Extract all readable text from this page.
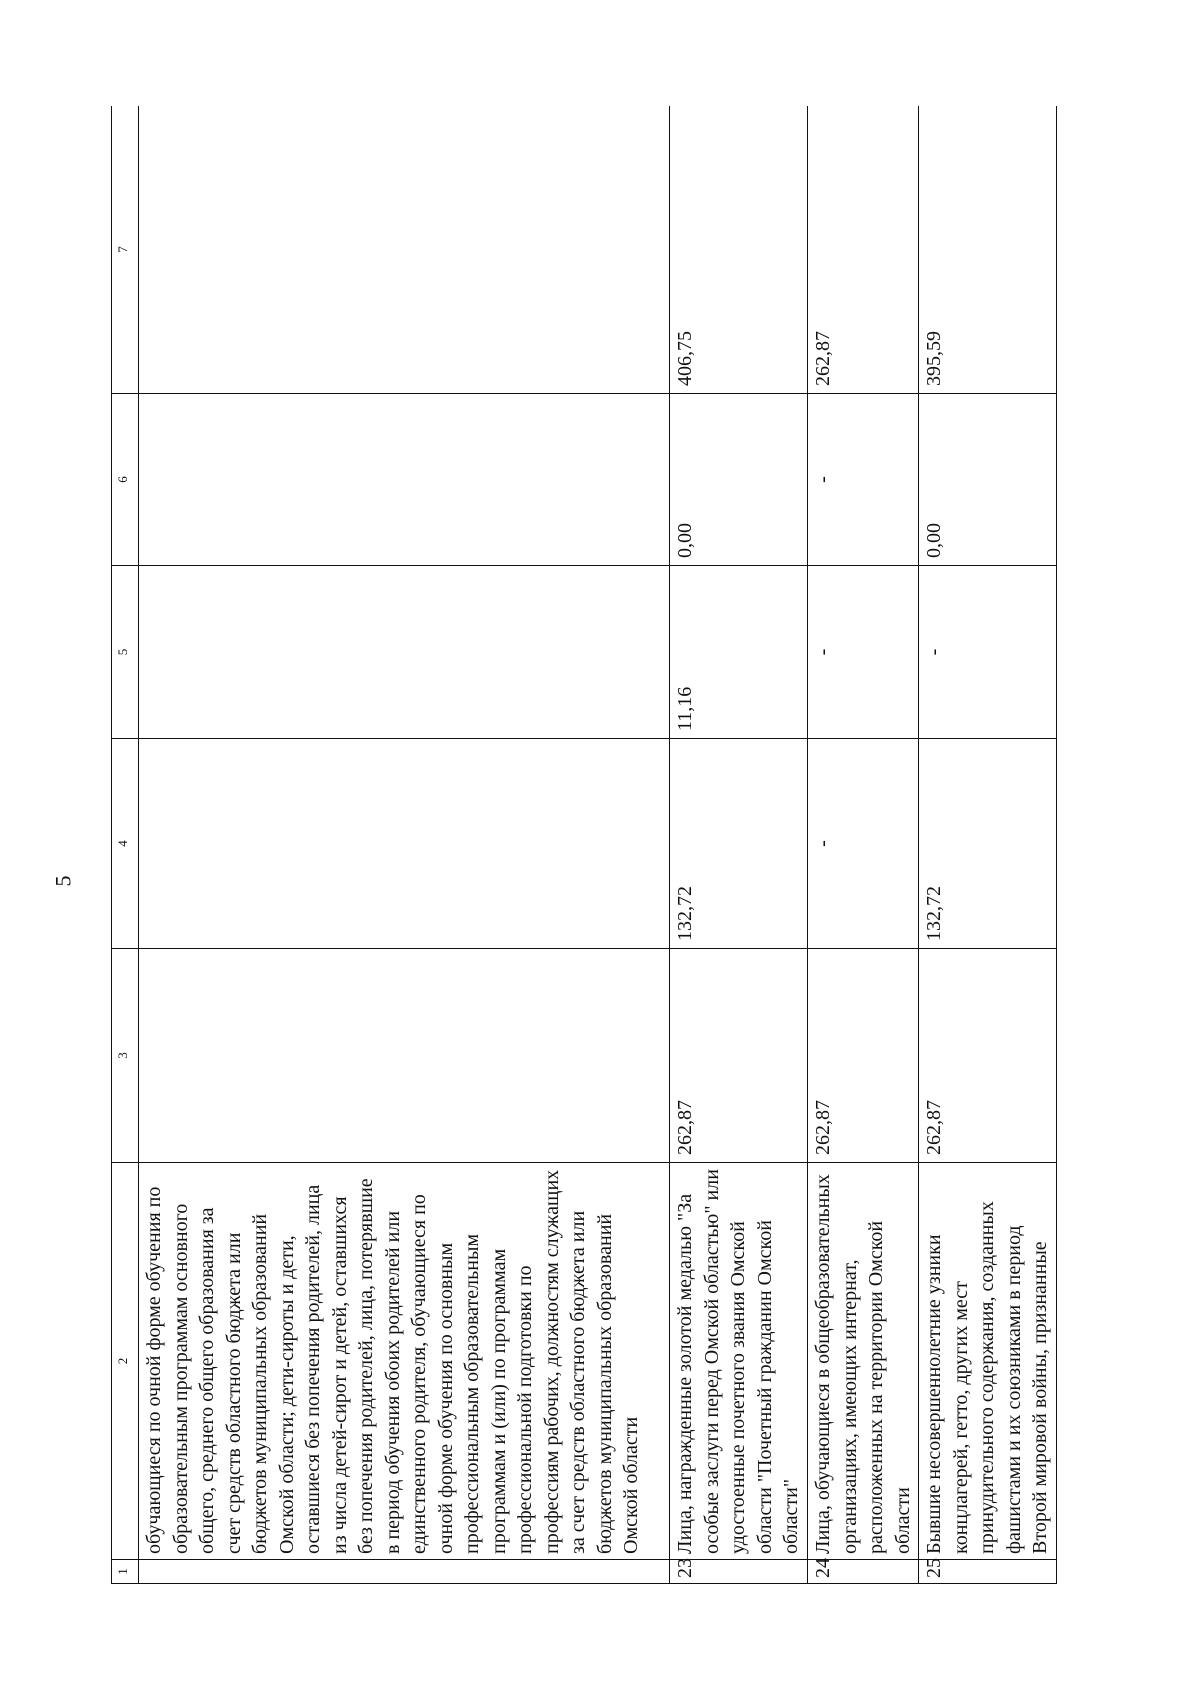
5
1	2	3	4	5	6	7

	обучающиеся по очной форме обучения по образовательным программам основного общего, среднего общего образования за счет средств областного бюджета или бюджетов муниципальных образований Омской области; дети-сироты и дети, оставшиеся без попечения родителей, лица из числа детей-сирот и детей, оставшихся без попечения родителей, лица, потерявшие в период обучения обоих родителей или единственного родителя, обучающиеся по очной форме обучения по основным профессиональным образовательным программам и (или) по программам профессиональной подготовки по профессиям рабочих, должностям служащих за счет средств областного бюджета или бюджетов муниципальных образований Омской области					

23	Лица, награжденные золотой медалью "За особые заслуги перед Омской областью" или удостоенные почетного звания Омской области "Почетный гражданин Омской области"	262,87	132,72	11,16	0,00	406,75

24	Лица, обучающиеся в общеобразовательных организациях, имеющих интернат, расположенных на территории Омской области	262,87	-	-	-	262,87

25	Бывшие несовершеннолетние узники концлагерей, гетто, других мест принудительного содержания, созданных фашистами и их союзниками в период Второй мировой войны, признанные	262,87	132,72	-	0,00	395,59
